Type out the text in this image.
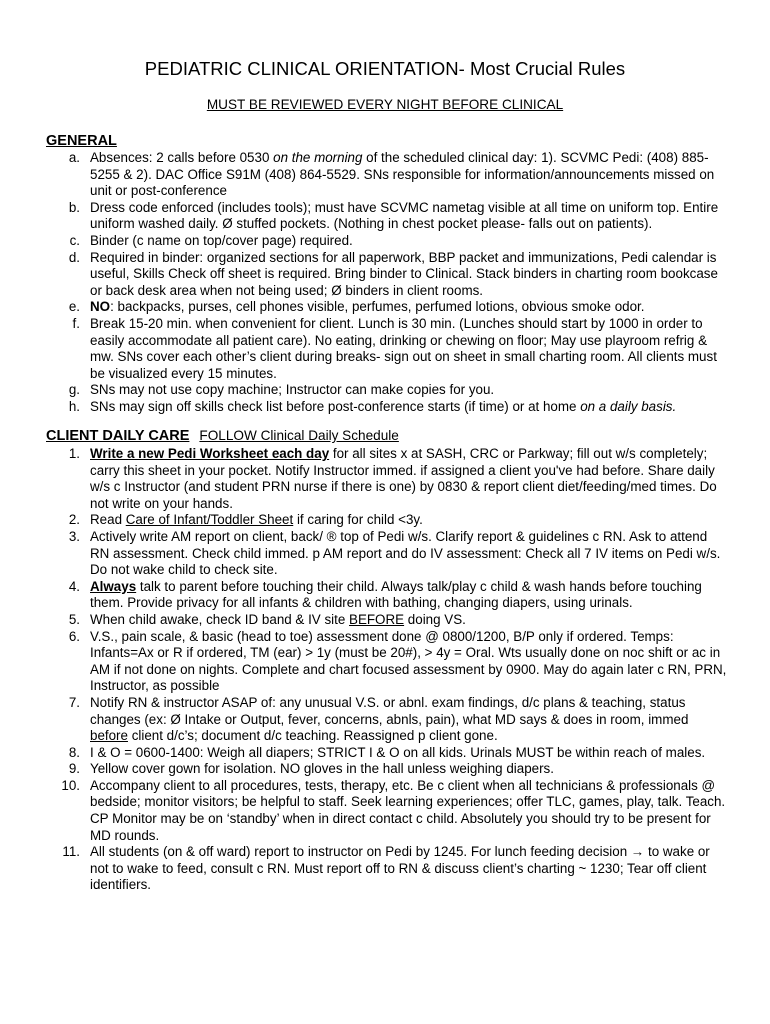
PEDIATRIC CLINICAL ORIENTATION- Most Crucial Rules
MUST BE REVIEWED EVERY NIGHT BEFORE CLINICAL
GENERAL
a. Absences: 2 calls before 0530 on the morning of the scheduled clinical day: 1). SCVMC Pedi: (408) 885-5255 & 2). DAC Office S91M (408) 864-5529. SNs responsible for information/announcements missed on unit or post-conference
b. Dress code enforced (includes tools); must have SCVMC nametag visible at all time on uniform top. Entire uniform washed daily. Ø stuffed pockets. (Nothing in chest pocket please- falls out on patients).
c. Binder (c name on top/cover page) required.
d. Required in binder: organized sections for all paperwork, BBP packet and immunizations, Pedi calendar is useful, Skills Check off sheet is required. Bring binder to Clinical. Stack binders in charting room bookcase or back desk area when not being used; Ø binders in client rooms.
e. NO: backpacks, purses, cell phones visible, perfumes, perfumed lotions, obvious smoke odor.
f. Break 15-20 min. when convenient for client. Lunch is 30 min. (Lunches should start by 1000 in order to easily accommodate all patient care). No eating, drinking or chewing on floor; May use playroom refrig & mw. SNs cover each other’s client during breaks- sign out on sheet in small charting room. All clients must be visualized every 15 minutes.
g. SNs may not use copy machine; Instructor can make copies for you.
h. SNs may sign off skills check list before post-conference starts (if time) or at home on a daily basis.
CLIENT DAILY CARE FOLLOW Clinical Daily Schedule
1. Write a new Pedi Worksheet each day for all sites x at SASH, CRC or Parkway; fill out w/s completely; carry this sheet in your pocket. Notify Instructor immed. if assigned a client you've had before. Share daily w/s c Instructor (and student PRN nurse if there is one) by 0830 & report client diet/feeding/med times. Do not write on your hands.
2. Read Care of Infant/Toddler Sheet if caring for child <3y.
3. Actively write AM report on client, back/ ® top of Pedi w/s. Clarify report & guidelines c RN. Ask to attend RN assessment. Check child immed. p AM report and do IV assessment: Check all 7 IV items on Pedi w/s. Do not wake child to check site.
4. Always talk to parent before touching their child. Always talk/play c child & wash hands before touching them. Provide privacy for all infants & children with bathing, changing diapers, using urinals.
5. When child awake, check ID band & IV site BEFORE doing VS.
6. V.S., pain scale, & basic (head to toe) assessment done @ 0800/1200, B/P only if ordered. Temps: Infants=Ax or R if ordered, TM (ear) > 1y (must be 20#), > 4y = Oral. Wts usually done on noc shift or ac in AM if not done on nights. Complete and chart focused assessment by 0900. May do again later c RN, PRN, Instructor, as possible
7. Notify RN & instructor ASAP of: any unusual V.S. or abnl. exam findings, d/c plans & teaching, status changes (ex: Ø Intake or Output, fever, concerns, abnls, pain), what MD says & does in room, immed before client d/c’s; document d/c teaching. Reassigned p client gone.
8. I & O = 0600-1400: Weigh all diapers; STRICT I & O on all kids. Urinals MUST be within reach of males.
9. Yellow cover gown for isolation. NO gloves in the hall unless weighing diapers.
10. Accompany client to all procedures, tests, therapy, etc. Be c client when all technicians & professionals @ bedside; monitor visitors; be helpful to staff. Seek learning experiences; offer TLC, games, play, talk. Teach. CP Monitor may be on ‘standby’ when in direct contact c child. Absolutely you should try to be present for MD rounds.
11. All students (on & off ward) report to instructor on Pedi by 1245. For lunch feeding decision → to wake or not to wake to feed, consult c RN. Must report off to RN & discuss client’s charting ~ 1230; Tear off client identifiers.
